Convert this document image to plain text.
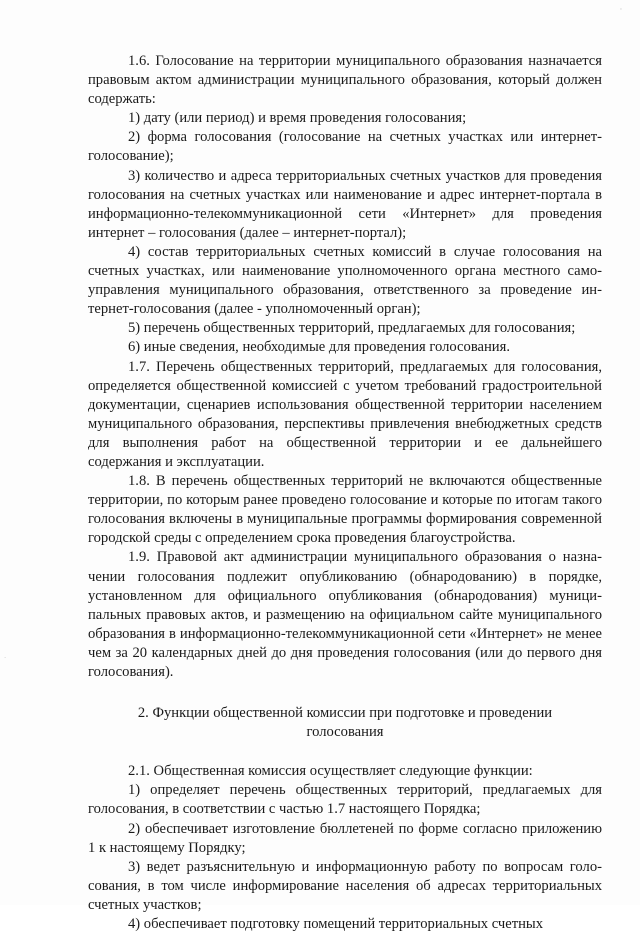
'
·

1.6. Голосование на территории муниципального образования назначается правовым актом администрации муниципального образования, который должен содержать:

1) дату (или период) и время проведения голосования;

2) форма голосования (голосование на счетных участках или интернет-голосование);

3) количество и адреса территориальных счетных участков для проведения голосования на счетных участках или наименование и адрес интернет-портала в информационно-телекоммуникационной сети «Интернет» для проведения интернет – голосования (далее – интернет-портал);

4) состав территориальных счетных комиссий в случае голосования на счетных участках, или наименование уполномоченного органа местного самоуправления муниципального образования, ответственного за проведение интернет-голосования (далее - уполномоченный орган);

5) перечень общественных территорий, предлагаемых для голосования;

6) иные сведения, необходимые для проведения голосования.

1.7. Перечень общественных территорий, предлагаемых для голосования, определяется общественной комиссией с учетом требований градостроительной документации, сценариев использования общественной территории населением муниципального образования, перспективы привлечения внебюджетных средств для выполнения работ на общественной территории и ее дальнейшего содержания и эксплуатации.

1.8. В перечень общественных территорий не включаются общественные территории, по которым ранее проведено голосование и которые по итогам такого голосования включены в муниципальные программы формирования современной городской среды с определением срока проведения благоустройства.

1.9. Правовой акт администрации муниципального образования о назначении голосования подлежит опубликованию (обнародованию) в порядке, установленном для официального опубликования (обнародования) муниципальных правовых актов, и размещению на официальном сайте муниципального образования в информационно-телекоммуникационной сети «Интернет» не менее чем за 20 календарных дней до дня проведения голосования (или до первого дня голосования).

2. Функции общественной комиссии при подготовке и проведении голосования

2.1. Общественная комиссия осуществляет следующие функции:

1) определяет перечень общественных территорий, предлагаемых для голосования, в соответствии с частью 1.7 настоящего Порядка;

2) обеспечивает изготовление бюллетеней по форме согласно приложению 1 к настоящему Порядку;

3) ведет разъяснительную и информационную работу по вопросам голосования, в том числе информирование населения об адресах территориальных счетных участков;

4) обеспечивает подготовку помещений территориальных счетных
